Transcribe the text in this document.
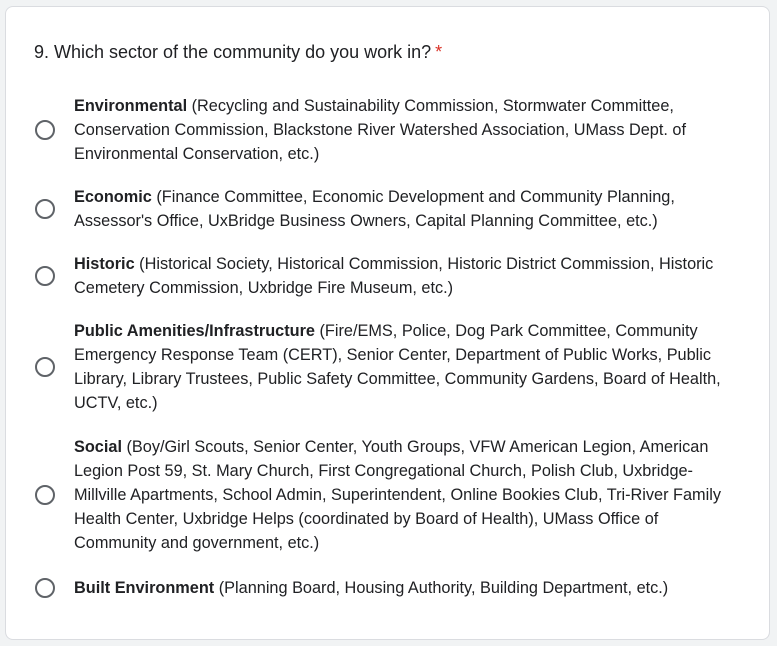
9. Which sector of the community do you work in? *
Environmental (Recycling and Sustainability Commission, Stormwater Committee, Conservation Commission, Blackstone River Watershed Association, UMass Dept. of Environmental Conservation, etc.)
Economic (Finance Committee, Economic Development and Community Planning, Assessor's Office, UxBridge Business Owners, Capital Planning Committee, etc.)
Historic (Historical Society, Historical Commission, Historic District Commission, Historic Cemetery Commission, Uxbridge Fire Museum, etc.)
Public Amenities/Infrastructure (Fire/EMS, Police, Dog Park Committee, Community Emergency Response Team (CERT), Senior Center, Department of Public Works, Public Library, Library Trustees, Public Safety Committee, Community Gardens, Board of Health, UCTV, etc.)
Social (Boy/Girl Scouts, Senior Center, Youth Groups, VFW American Legion, American Legion Post 59, St. Mary Church, First Congregational Church, Polish Club, Uxbridge-Millville Apartments, School Admin, Superintendent, Online Bookies Club, Tri-River Family Health Center, Uxbridge Helps (coordinated by Board of Health), UMass Office of Community and government, etc.)
Built Environment (Planning Board, Housing Authority, Building Department, etc.)
